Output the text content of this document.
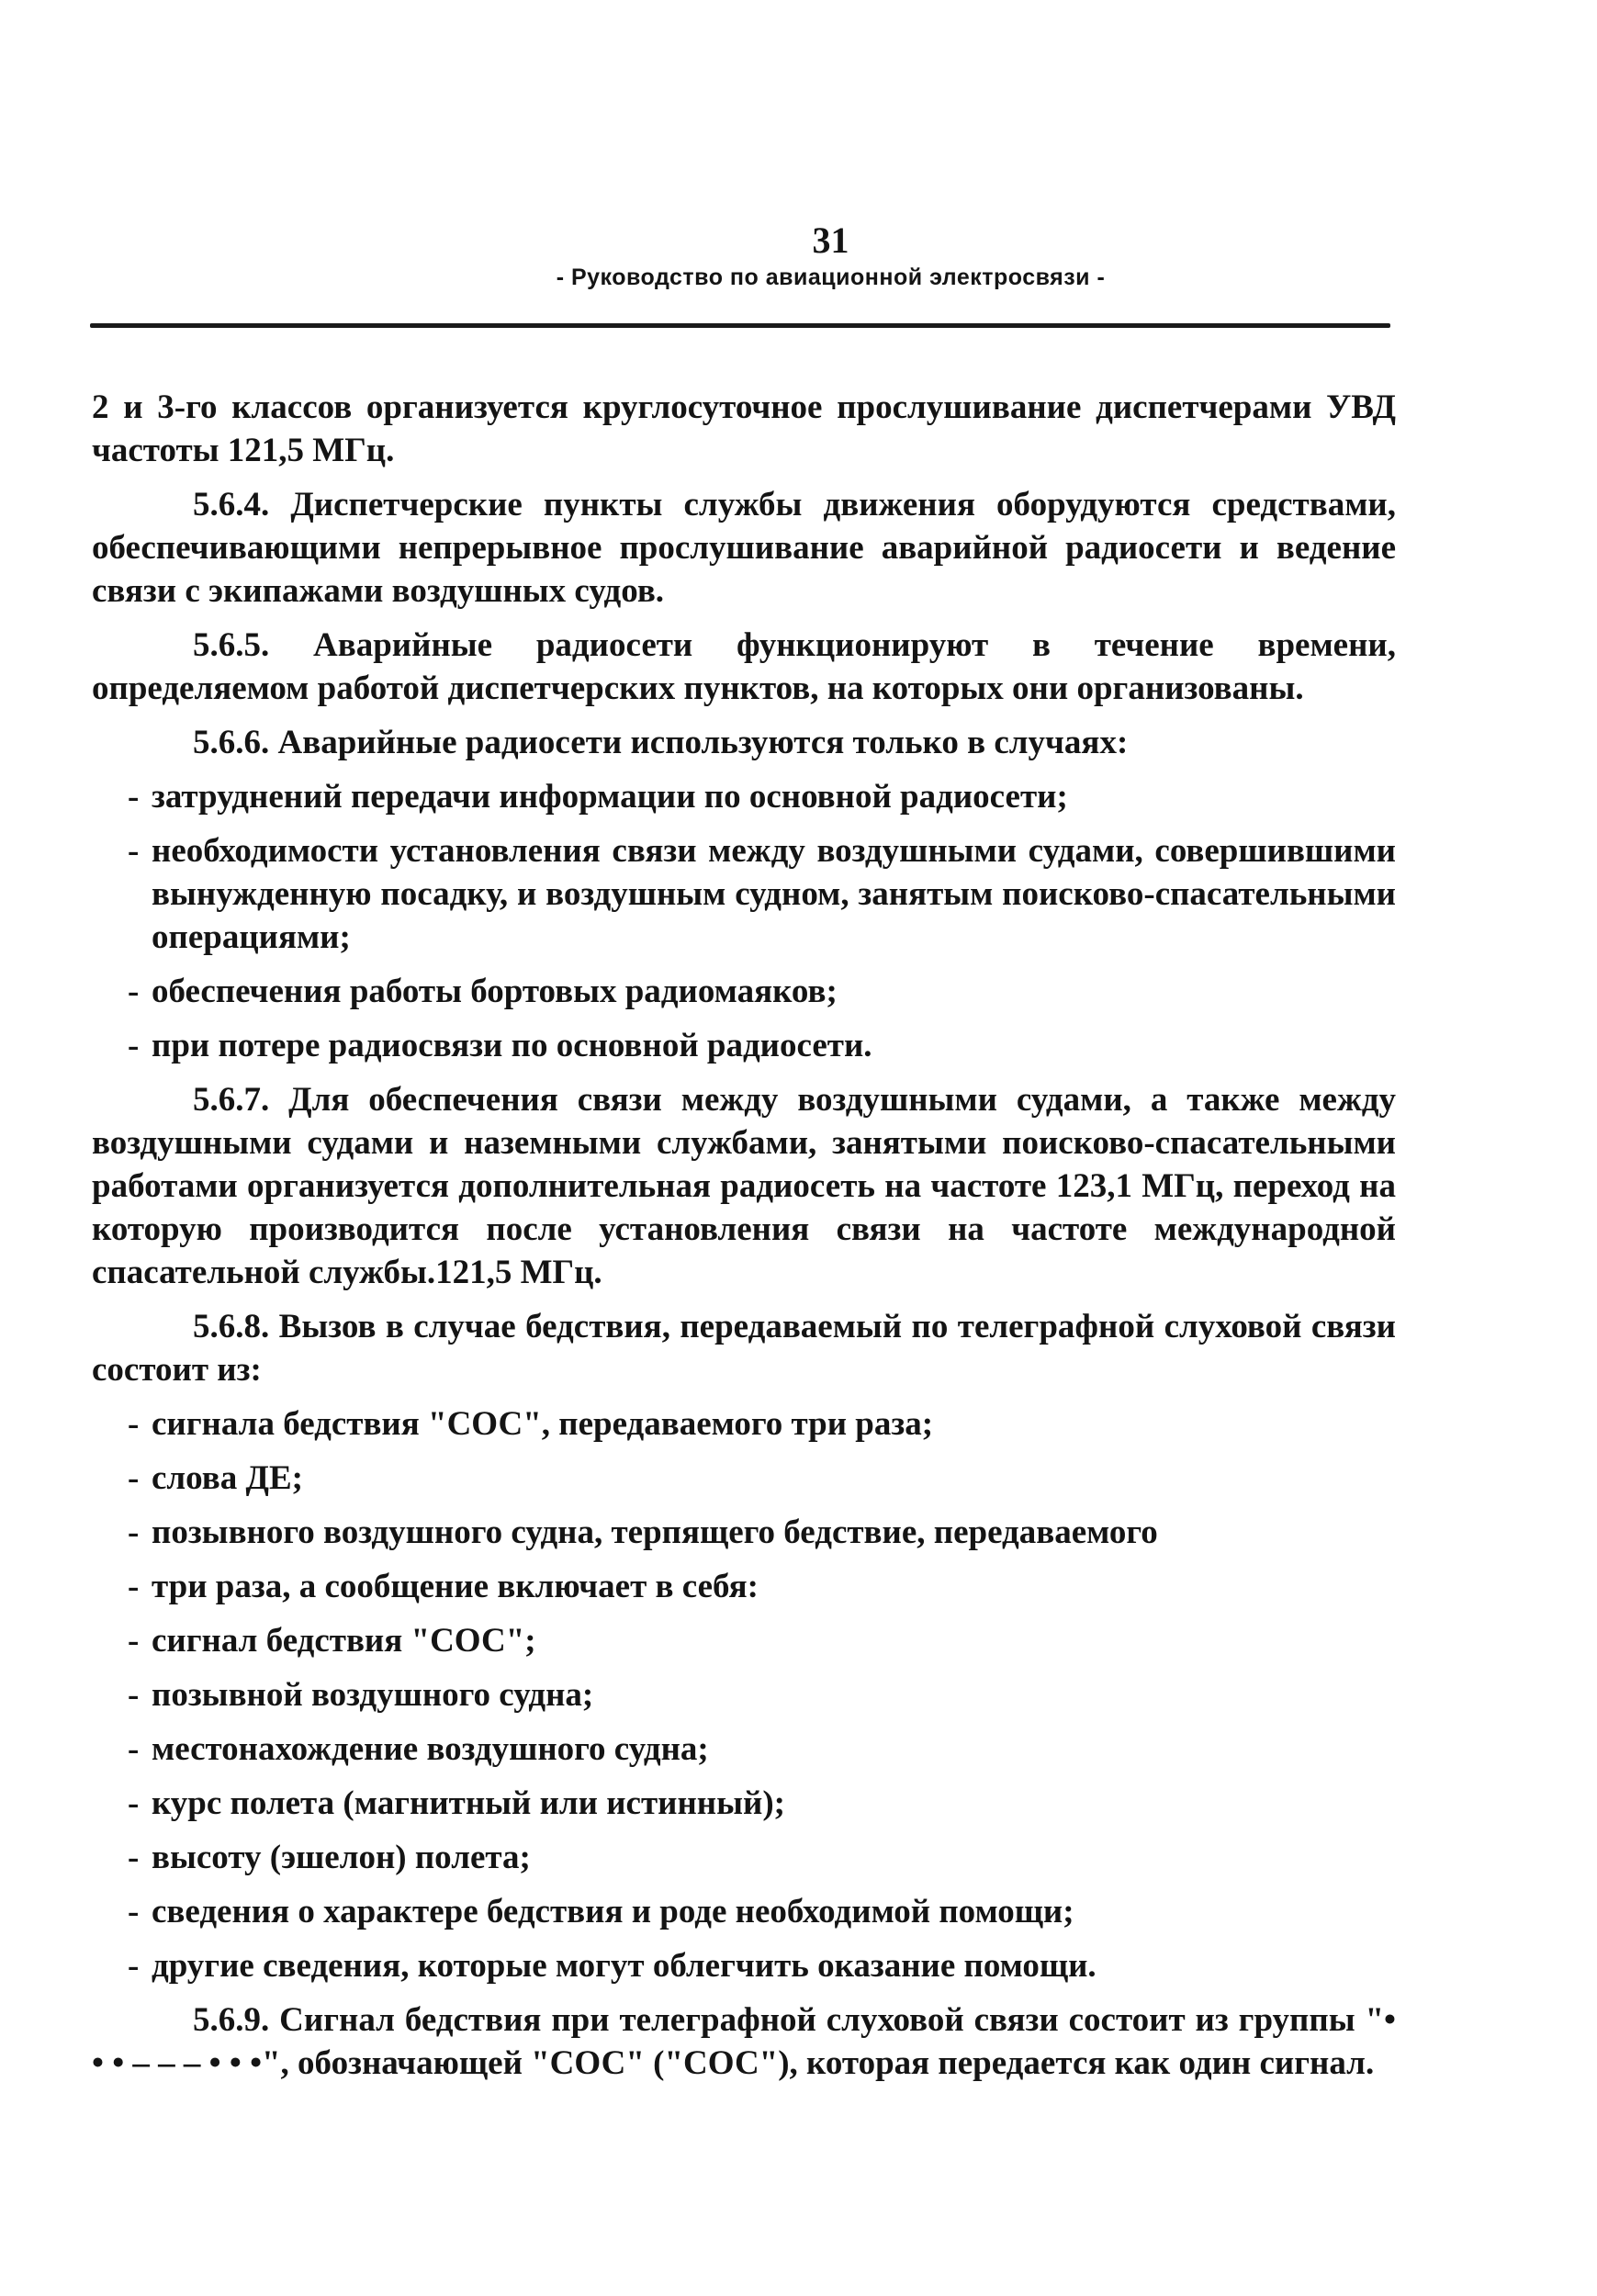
31
- Руководство по авиационной электросвязи -

2 и 3-го классов организуется круглосуточное прослушивание диспетчерами УВД частоты 121,5 МГц.

5.6.4. Диспетчерские пункты службы движения оборудуются средствами, обеспечивающими непрерывное прослушивание аварийной радиосети и ведение связи с экипажами воздушных судов.

5.6.5. Аварийные радиосети функционируют в течение времени, определяемом работой диспетчерских пунктов, на которых они организованы.

5.6.6. Аварийные радиосети используются только в случаях:

- затруднений передачи информации по основной радиосети;
- необходимости установления связи между воздушными судами, совершившими вынужденную посадку, и воздушным судном, занятым поисково-спасательными операциями;
- обеспечения работы бортовых радиомаяков;
- при потере радиосвязи по основной радиосети.

5.6.7. Для обеспечения связи между воздушными судами, а также между воздушными судами и наземными службами, занятыми поисково-спасательными работами организуется дополнительная радиосеть на частоте 123,1 МГц, переход на которую производится после установления связи на частоте международной спасательной службы.121,5 МГц.

5.6.8. Вызов в случае бедствия, передаваемый по телеграфной слуховой связи состоит из:

- сигнала бедствия "СОС", передаваемого три раза;
- слова ДЕ;
- позывного воздушного судна, терпящего бедствие, передаваемого
- три раза, а сообщение включает в себя:
- сигнал бедствия "СОС";
- позывной воздушного судна;
- местонахождение воздушного судна;
- курс полета (магнитный или истинный);
- высоту (эшелон) полета;
- сведения о характере бедствия и роде необходимой помощи;
- другие сведения, которые могут облегчить оказание помощи.

5.6.9. Сигнал бедствия при телеграфной слуховой связи состоит из группы "• • • – – – • • •", обозначающей "СОС" ("СОС"), которая передается как один сигнал.
